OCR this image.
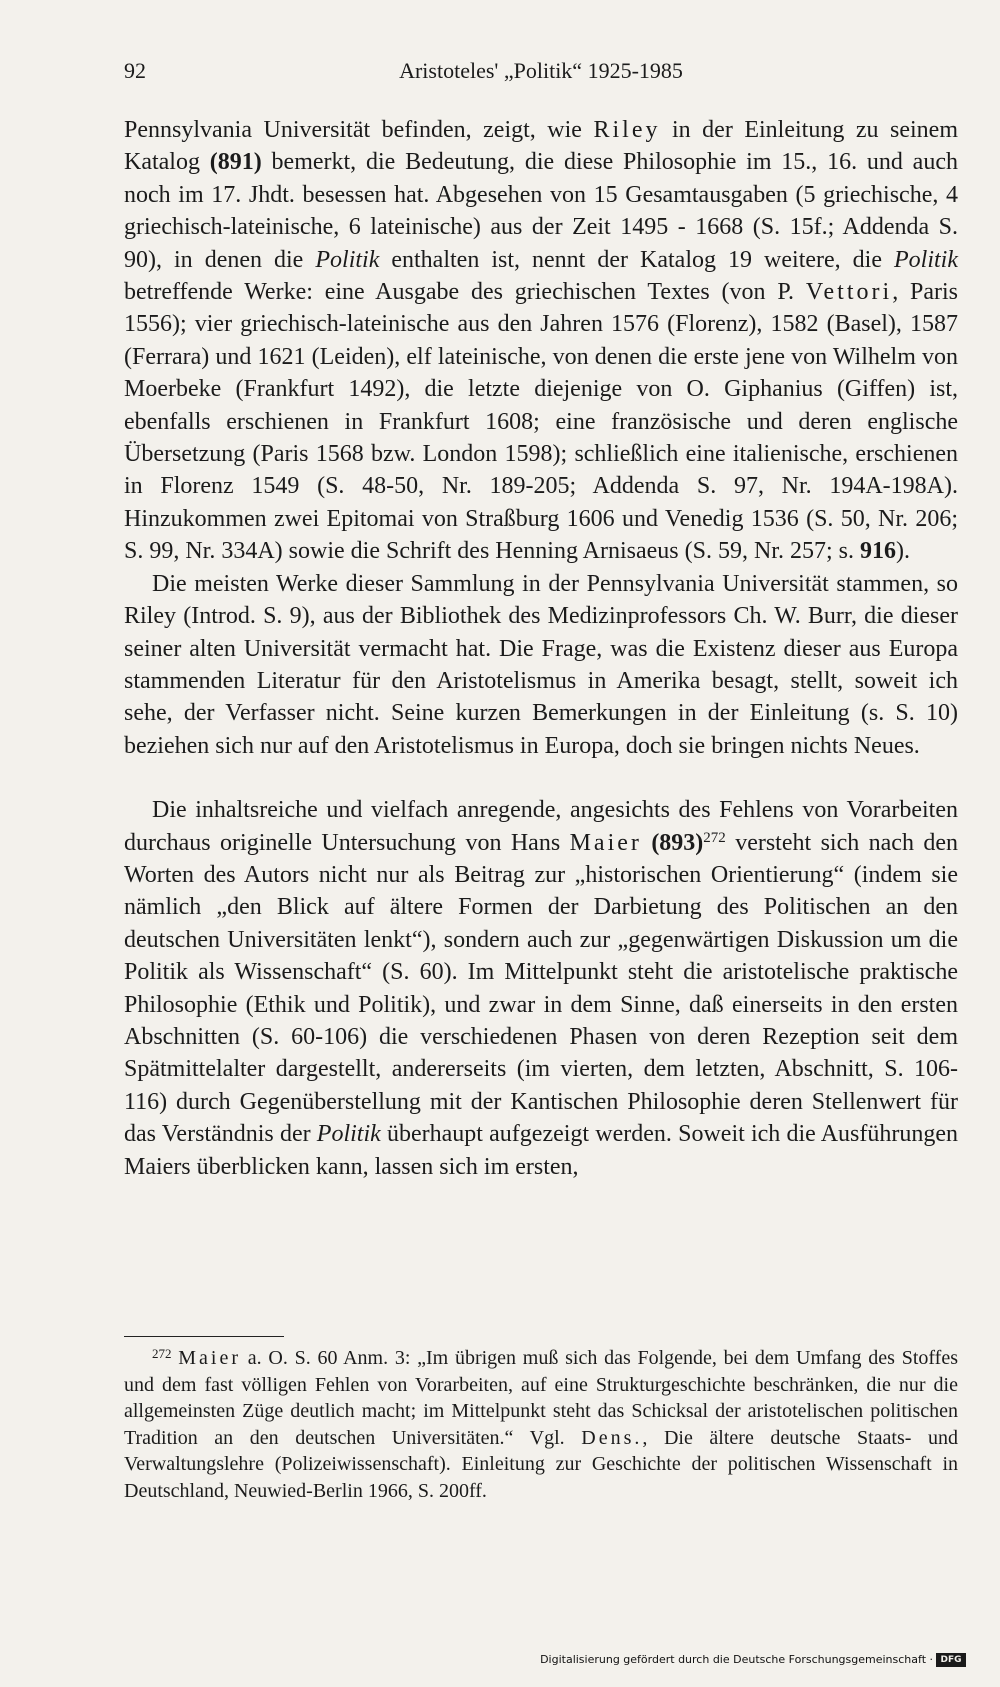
92	Aristoteles' „Politik“ 1925-1985

Pennsylvania Universität befinden, zeigt, wie Riley in der Einleitung zu seinem Katalog (891) bemerkt, die Bedeutung, die diese Philosophie im 15., 16. und auch noch im 17. Jhdt. besessen hat. Abgesehen von 15 Gesamtausgaben (5 griechische, 4 griechisch-lateinische, 6 lateinische) aus der Zeit 1495 - 1668 (S. 15f.; Addenda S. 90), in denen die Politik enthalten ist, nennt der Katalog 19 weitere, die Politik betreffende Werke: eine Ausgabe des griechischen Textes (von P. Vettori, Paris 1556); vier griechisch-lateinische aus den Jahren 1576 (Florenz), 1582 (Basel), 1587 (Ferrara) und 1621 (Leiden), elf lateinische, von denen die erste jene von Wilhelm von Moerbeke (Frankfurt 1492), die letzte diejenige von O. Giphanius (Giffen) ist, ebenfalls erschienen in Frankfurt 1608; eine französische und deren englische Übersetzung (Paris 1568 bzw. London 1598); schließlich eine italienische, erschienen in Florenz 1549 (S. 48-50, Nr. 189-205; Addenda S. 97, Nr. 194A-198A). Hinzukommen zwei Epitomai von Straßburg 1606 und Venedig 1536 (S. 50, Nr. 206; S. 99, Nr. 334A) sowie die Schrift des Henning Arnisaeus (S. 59, Nr. 257; s. 916).

Die meisten Werke dieser Sammlung in der Pennsylvania Universität stammen, so Riley (Introd. S. 9), aus der Bibliothek des Medizinprofessors Ch. W. Burr, die dieser seiner alten Universität vermacht hat. Die Frage, was die Existenz dieser aus Europa stammenden Literatur für den Aristotelismus in Amerika besagt, stellt, soweit ich sehe, der Verfasser nicht. Seine kurzen Bemerkungen in der Einleitung (s. S. 10) beziehen sich nur auf den Aristotelismus in Europa, doch sie bringen nichts Neues.

Die inhaltsreiche und vielfach anregende, angesichts des Fehlens von Vorarbeiten durchaus originelle Untersuchung von Hans Maier $(893)^{272}$ versteht sich nach den Worten des Autors nicht nur als Beitrag zur „historischen Orientierung“ (indem sie nämlich „den Blick auf ältere Formen der Darbietung des Politischen an den deutschen Universitäten lenkt“), sondern auch zur „gegenwärtigen Diskussion um die Politik als Wissenschaft“ (S. 60). Im Mittelpunkt steht die aristotelische praktische Philosophie (Ethik und Politik), und zwar in dem Sinne, daß einerseits in den ersten Abschnitten (S. 60-106) die verschiedenen Phasen von deren Rezeption seit dem Spätmittelalter dargestellt, andererseits (im vierten, dem letzten, Abschnitt, S. 106-116) durch Gegenüberstellung mit der Kantischen Philosophie deren Stellenwert für das Verständnis der Politik überhaupt aufgezeigt werden. Soweit ich die Ausführungen Maiers überblicken kann, lassen sich im ersten,

$^{272}$ Maier a. O. S. 60 Anm. 3: „Im übrigen muß sich das Folgende, bei dem Umfang des Stoffes und dem fast völligen Fehlen von Vorarbeiten, auf eine Strukturgeschichte beschränken, die nur die allgemeinsten Züge deutlich macht; im Mittelpunkt steht das Schicksal der aristotelischen politischen Tradition an den deutschen Universitäten.“ Vgl. Dens., Die ältere deutsche Staats- und Verwaltungslehre (Polizeiwissenschaft). Einleitung zur Geschichte der politischen Wissenschaft in Deutschland, Neuwied-Berlin 1966, S. 200ff.

Digitalisierung gefördert durch die Deutsche Forschungsgemeinschaft · DFG
